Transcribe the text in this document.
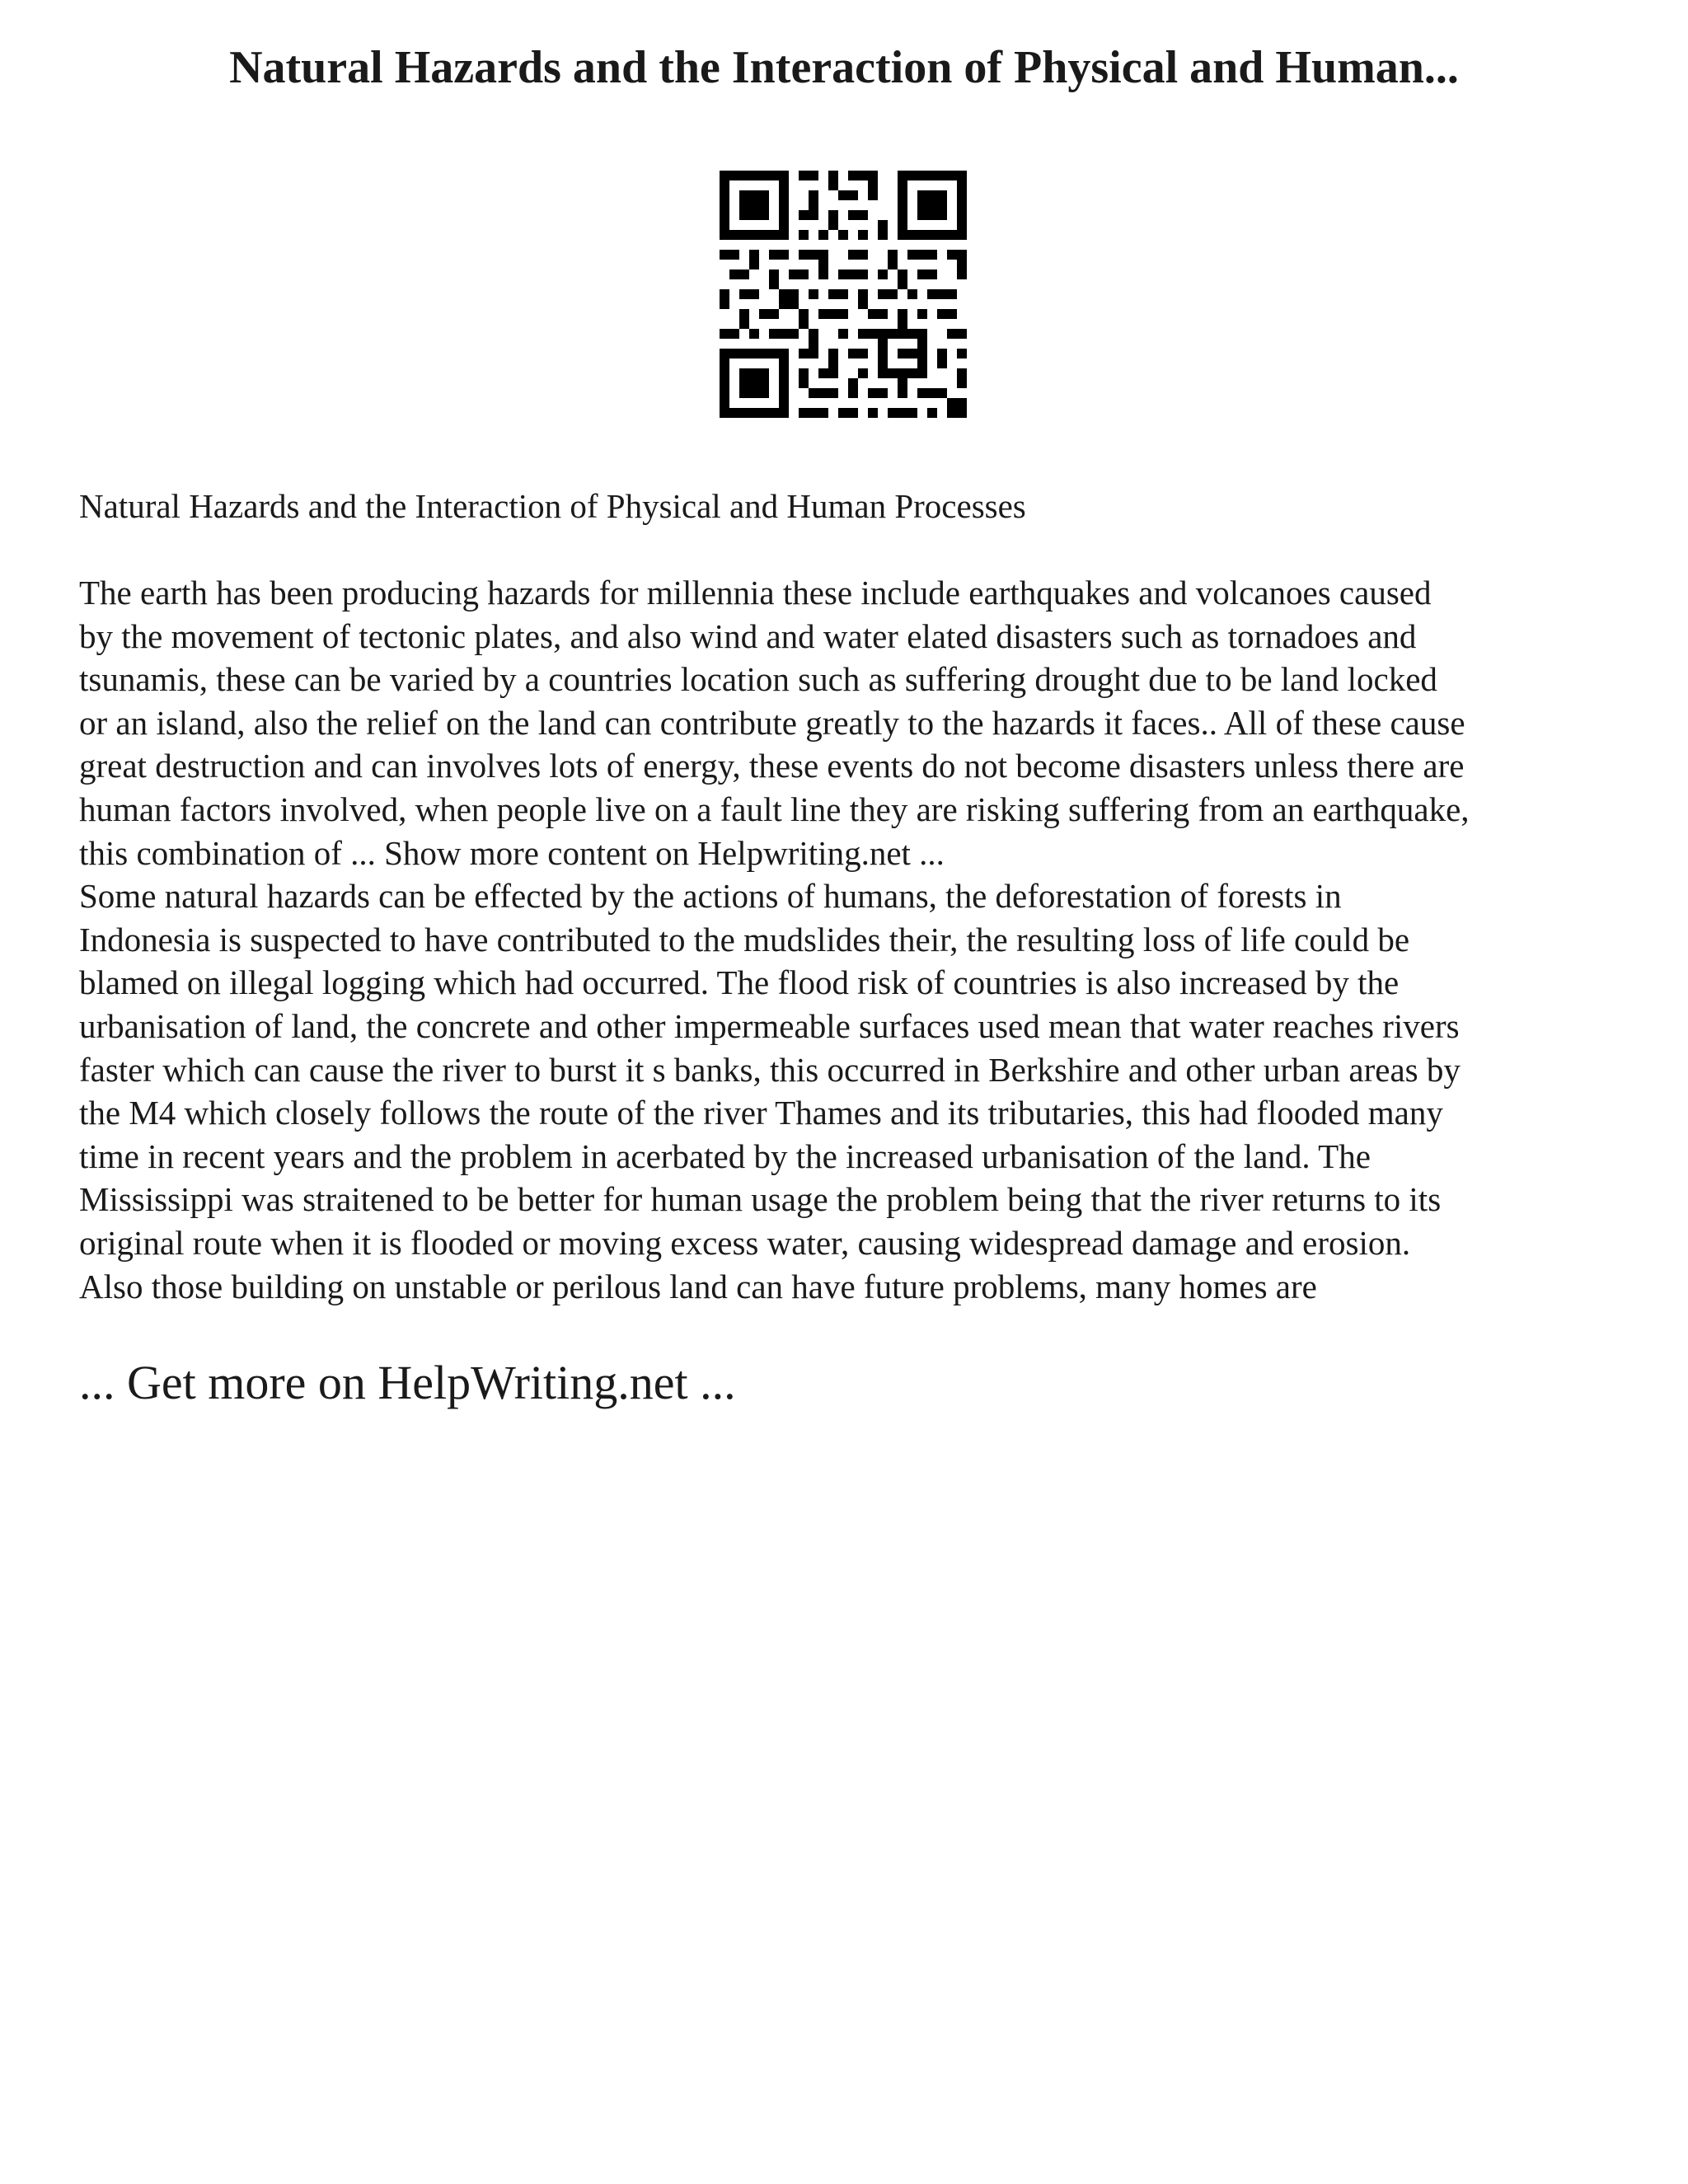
Natural Hazards and the Interaction of Physical and Human...

Natural Hazards and the Interaction of Physical and Human Processes

The earth has been producing hazards for millennia these include earthquakes and volcanoes caused
by the movement of tectonic plates, and also wind and water elated disasters such as tornadoes and
tsunamis, these can be varied by a countries location such as suffering drought due to be land locked
or an island, also the relief on the land can contribute greatly to the hazards it faces.. All of these cause
great destruction and can involves lots of energy, these events do not become disasters unless there are
human factors involved, when people live on a fault line they are risking suffering from an earthquake,
this combination of ... Show more content on Helpwriting.net ...

Some natural hazards can be effected by the actions of humans, the deforestation of forests in
Indonesia is suspected to have contributed to the mudslides their, the resulting loss of life could be
blamed on illegal logging which had occurred. The flood risk of countries is also increased by the
urbanisation of land, the concrete and other impermeable surfaces used mean that water reaches rivers
faster which can cause the river to burst it s banks, this occurred in Berkshire and other urban areas by
the M4 which closely follows the route of the river Thames and its tributaries, this had flooded many
time in recent years and the problem in acerbated by the increased urbanisation of the land. The
Mississippi was straitened to be better for human usage the problem being that the river returns to its
original route when it is flooded or moving excess water, causing widespread damage and erosion.
Also those building on unstable or perilous land can have future problems, many homes are

... Get more on HelpWriting.net ...
